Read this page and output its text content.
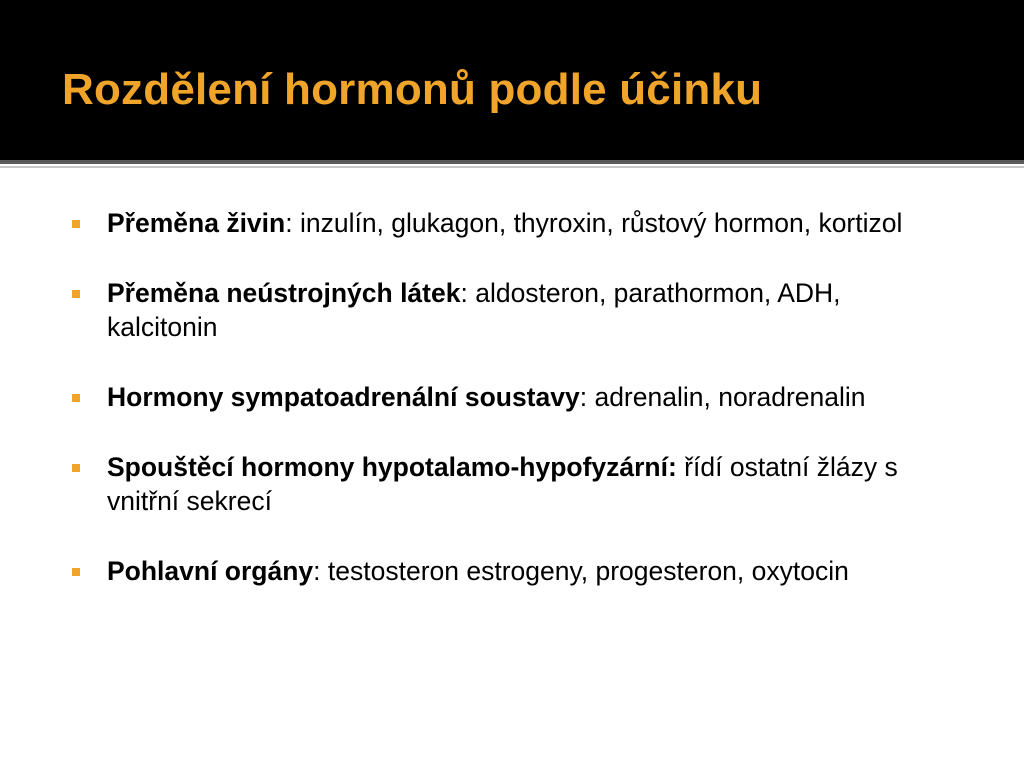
Rozdělení hormonů podle účinku
Přeměna živin: inzulín, glukagon, thyroxin, růstový hormon, kortizol
Přeměna neústrojných látek: aldosteron, parathormon, ADH, kalcitonin
Hormony sympatoadrenální soustavy: adrenalin, noradrenalin
Spouštěcí hormony hypotalamo-hypofyzární: řídí ostatní žlázy s vnitřní sekrecí
Pohlavní orgány: testosteron estrogeny, progesteron, oxytocin
